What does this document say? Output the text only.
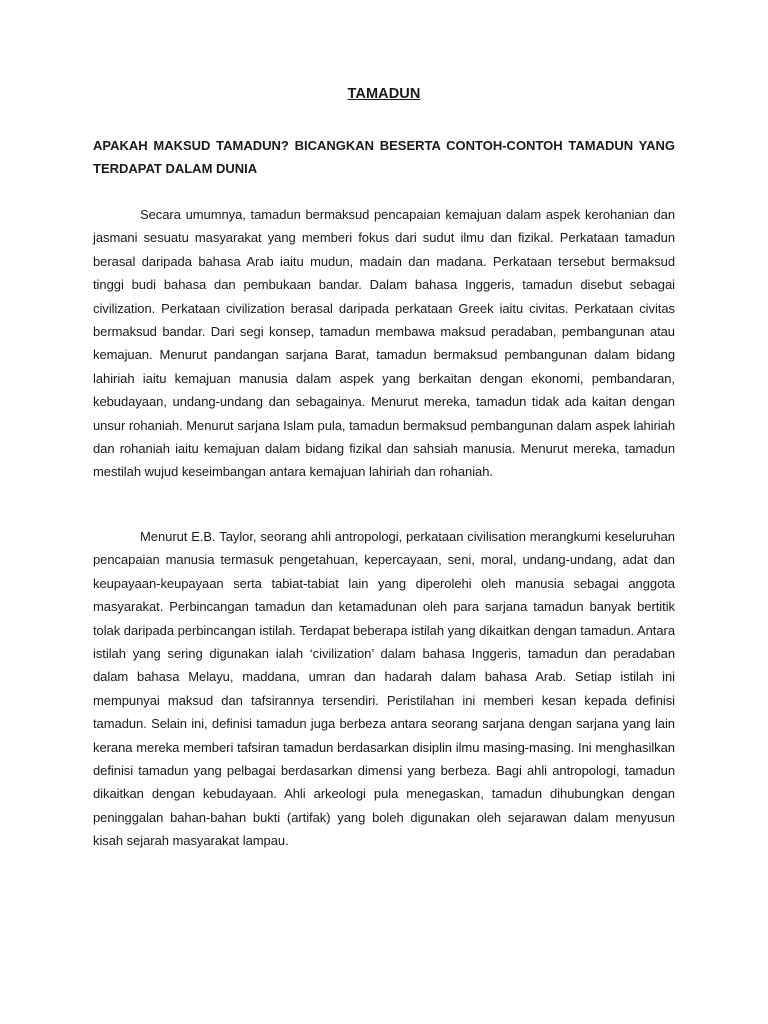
TAMADUN
APAKAH MAKSUD TAMADUN? BICANGKAN BESERTA CONTOH-CONTOH TAMADUN YANG TERDAPAT DALAM DUNIA

Secara umumnya, tamadun bermaksud pencapaian kemajuan dalam aspek kerohanian dan jasmani sesuatu masyarakat yang memberi fokus dari sudut ilmu dan fizikal. Perkataan tamadun berasal daripada bahasa Arab iaitu mudun, madain dan madana. Perkataan tersebut bermaksud tinggi budi bahasa dan pembukaan bandar. Dalam bahasa Inggeris, tamadun disebut sebagai civilization. Perkataan civilization berasal daripada perkataan Greek iaitu civitas. Perkataan civitas bermaksud bandar. Dari segi konsep, tamadun membawa maksud peradaban, pembangunan atau kemajuan. Menurut pandangan sarjana Barat, tamadun bermaksud pembangunan dalam bidang lahiriah iaitu kemajuan manusia dalam aspek yang berkaitan dengan ekonomi, pembandaran, kebudayaan, undang-undang dan sebagainya. Menurut mereka, tamadun tidak ada kaitan dengan unsur rohaniah. Menurut sarjana Islam pula, tamadun bermaksud pembangunan dalam aspek lahiriah dan rohaniah iaitu kemajuan dalam bidang fizikal dan sahsiah manusia. Menurut mereka, tamadun mestilah wujud keseimbangan antara kemajuan lahiriah dan rohaniah.

Menurut E.B. Taylor, seorang ahli antropologi, perkataan civilisation merangkumi keseluruhan pencapaian manusia termasuk pengetahuan, kepercayaan, seni, moral, undang-undang, adat dan keupayaan-keupayaan serta tabiat-tabiat lain yang diperolehi oleh manusia sebagai anggota masyarakat. Perbincangan tamadun dan ketamadunan oleh para sarjana tamadun banyak bertitik tolak daripada perbincangan istilah. Terdapat beberapa istilah yang dikaitkan dengan tamadun. Antara istilah yang sering digunakan ialah ‘civilization’ dalam bahasa Inggeris, tamadun dan peradaban dalam bahasa Melayu, maddana, umran dan hadarah dalam bahasa Arab. Setiap istilah ini mempunyai maksud dan tafsirannya tersendiri. Peristilahan ini memberi kesan kepada definisi tamadun. Selain ini, definisi tamadun juga berbeza antara seorang sarjana dengan sarjana yang lain kerana mereka memberi tafsiran tamadun berdasarkan disiplin ilmu masing-masing. Ini menghasilkan definisi tamadun yang pelbagai berdasarkan dimensi yang berbeza. Bagi ahli antropologi, tamadun dikaitkan dengan kebudayaan. Ahli arkeologi pula menegaskan, tamadun dihubungkan dengan peninggalan bahan-bahan bukti (artifak) yang boleh digunakan oleh sejarawan dalam menyusun kisah sejarah masyarakat lampau.
